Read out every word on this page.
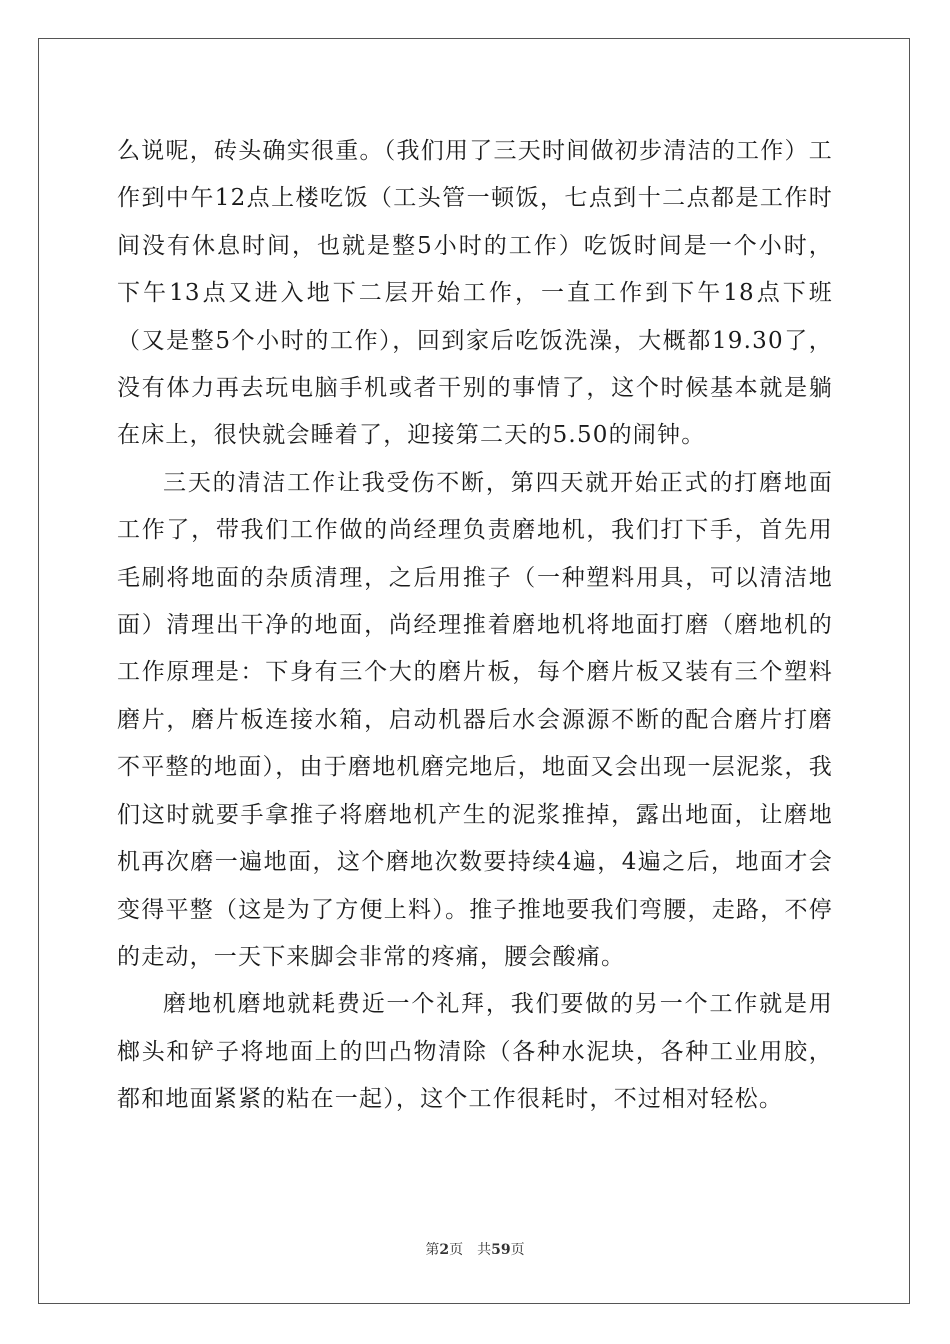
么说呢，砖头确实很重。（我们用了三天时间做初步清洁的工作）工作到中午12点上楼吃饭（工头管一顿饭，七点到十二点都是工作时间没有休息时间，也就是整5小时的工作）吃饭时间是一个小时，下午13点又进入地下二层开始工作，一直工作到下午18点下班（又是整5个小时的工作），回到家后吃饭洗澡，大概都19.30了，没有体力再去玩电脑手机或者干别的事情了，这个时候基本就是躺在床上，很快就会睡着了，迎接第二天的5.50的闹钟。

三天的清洁工作让我受伤不断，第四天就开始正式的打磨地面工作了，带我们工作做的尚经理负责磨地机，我们打下手，首先用毛刷将地面的杂质清理，之后用推子（一种塑料用具，可以清洁地面）清理出干净的地面，尚经理推着磨地机将地面打磨（磨地机的工作原理是：下身有三个大的磨片板，每个磨片板又装有三个塑料磨片，磨片板连接水箱，启动机器后水会源源不断的配合磨片打磨不平整的地面），由于磨地机磨完地后，地面又会出现一层泥浆，我们这时就要手拿推子将磨地机产生的泥浆推掉，露出地面，让磨地机再次磨一遍地面，这个磨地次数要持续4遍，4遍之后，地面才会变得平整（这是为了方便上料）。推子推地要我们弯腰，走路，不停的走动，一天下来脚会非常的疼痛，腰会酸痛。

磨地机磨地就耗费近一个礼拜，我们要做的另一个工作就是用榔头和铲子将地面上的凹凸物清除（各种水泥块，各种工业用胶，都和地面紧紧的粘在一起），这个工作很耗时，不过相对轻松。

第2页 共59页
